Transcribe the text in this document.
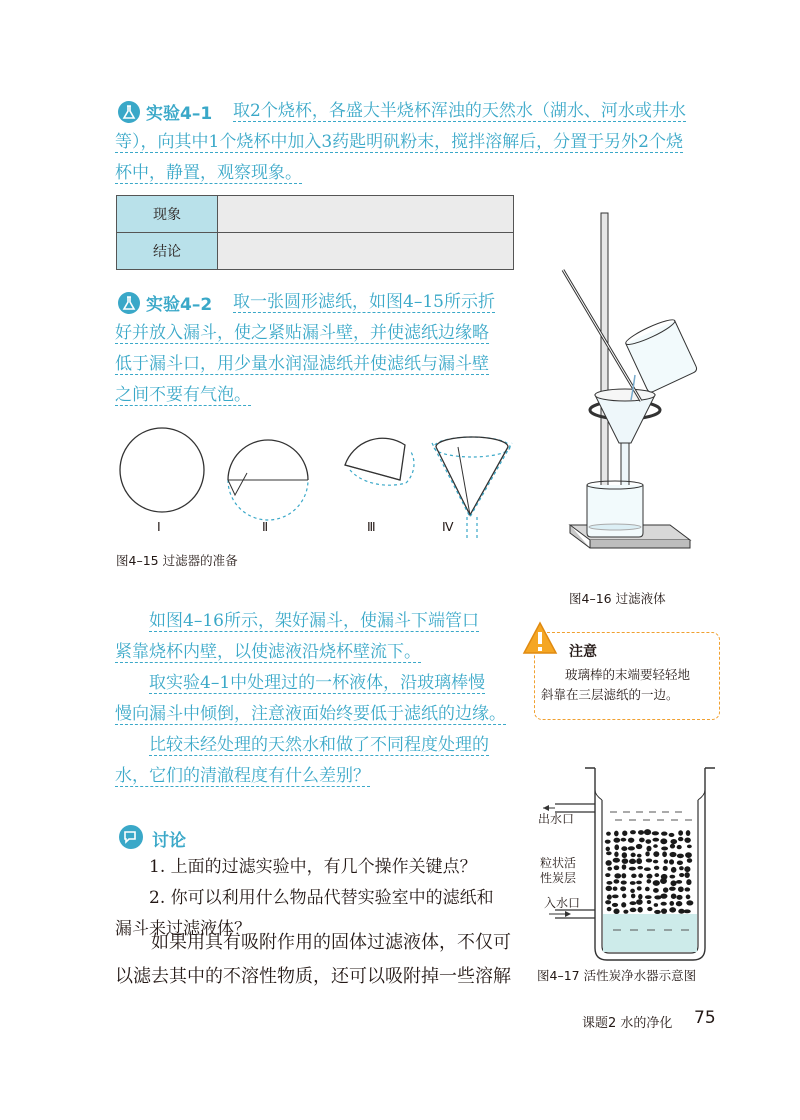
实验4–1	取2个烧杯，各盛大半烧杯浑浊的天然水（湖水、河水或井水
等），向其中1个烧杯中加入3药匙明矾粉末，搅拌溶解后，分置于另外2个烧
杯中，静置，观察现象。
现象	
结论	
实验4–2	取一张圆形滤纸，如图4–15所示折
好并放入漏斗，使之紧贴漏斗壁，并使滤纸边缘略
低于漏斗口，用少量水润湿滤纸并使滤纸与漏斗壁
之间不要有气泡。
I	Ⅱ	Ⅲ	Ⅳ
图4–15 过滤器的准备
图4–16 过滤液体
如图4–16所示，架好漏斗，使漏斗下端管口
紧靠烧杯内壁，以使滤液沿烧杯壁流下。
取实验4–1中处理过的一杯液体，沿玻璃棒慢
慢向漏斗中倾倒，注意液面始终要低于滤纸的边缘。
比较未经处理的天然水和做了不同程度处理的
水，它们的清澈程度有什么差别？
注意
玻璃棒的末端要轻轻地
斜靠在三层滤纸的一边。
讨论
1. 上面的过滤实验中，有几个操作关键点？
2. 你可以利用什么物品代替实验室中的滤纸和
漏斗来过滤液体？
如果用具有吸附作用的固体过滤液体，不仅可
以滤去其中的不溶性物质，还可以吸附掉一些溶解
出水口
粒状活
性炭层
入水口
图4–17 活性炭净水器示意图
课题2 水的净化 75
